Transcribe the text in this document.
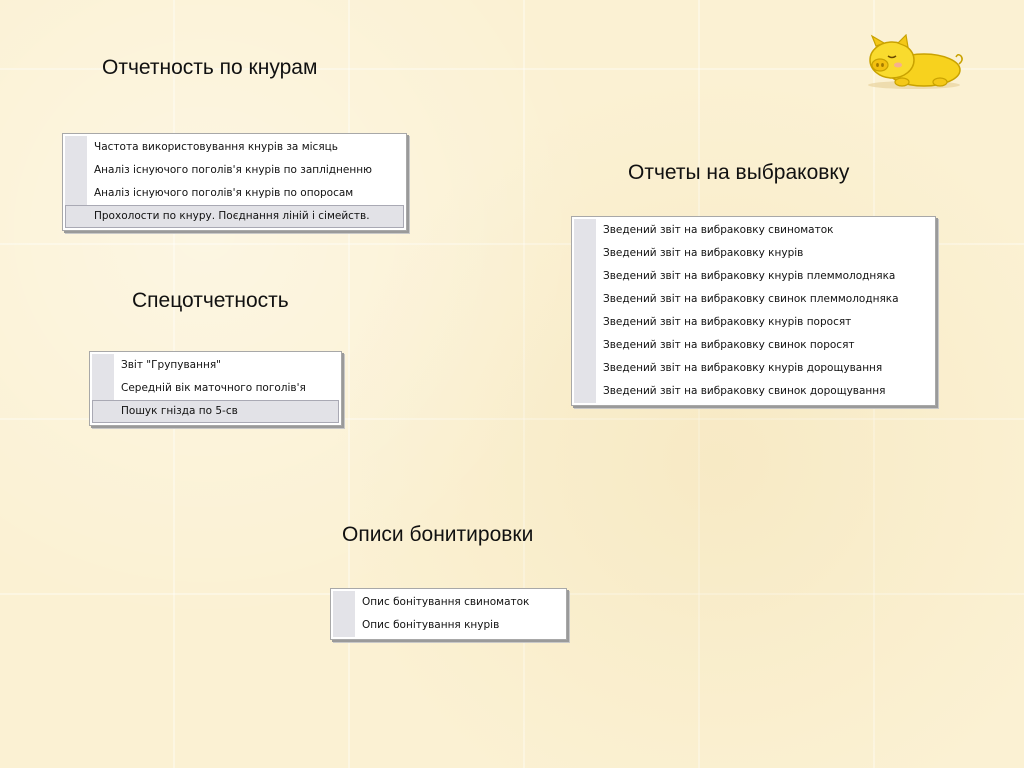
Отчетность по кнурам
Отчеты на выбраковку
Спецотчетность
Описи бонитировки
Частота використовування кнурів за місяць
Аналіз існуючого поголів'я кнурів по заплідненню
Аналіз існуючого поголів'я кнурів по опоросам
Прохолости по кнуру. Поєднання ліній і сімейств.
Звіт "Групування"
Середній вік маточного поголів'я
Пошук гнізда по 5-св
Зведений звіт на вибраковку свиноматок
Зведений звіт на вибраковку кнурів
Зведений звіт на вибраковку кнурів племмолодняка
Зведений звіт на вибраковку свинок племмолодняка
Зведений звіт на вибраковку кнурів поросят
Зведений звіт на вибраковку свинок поросят
Зведений звіт на вибраковку кнурів дорощування
Зведений звіт на вибраковку свинок дорощування
Опис бонітування свиноматок
Опис бонітування кнурів
